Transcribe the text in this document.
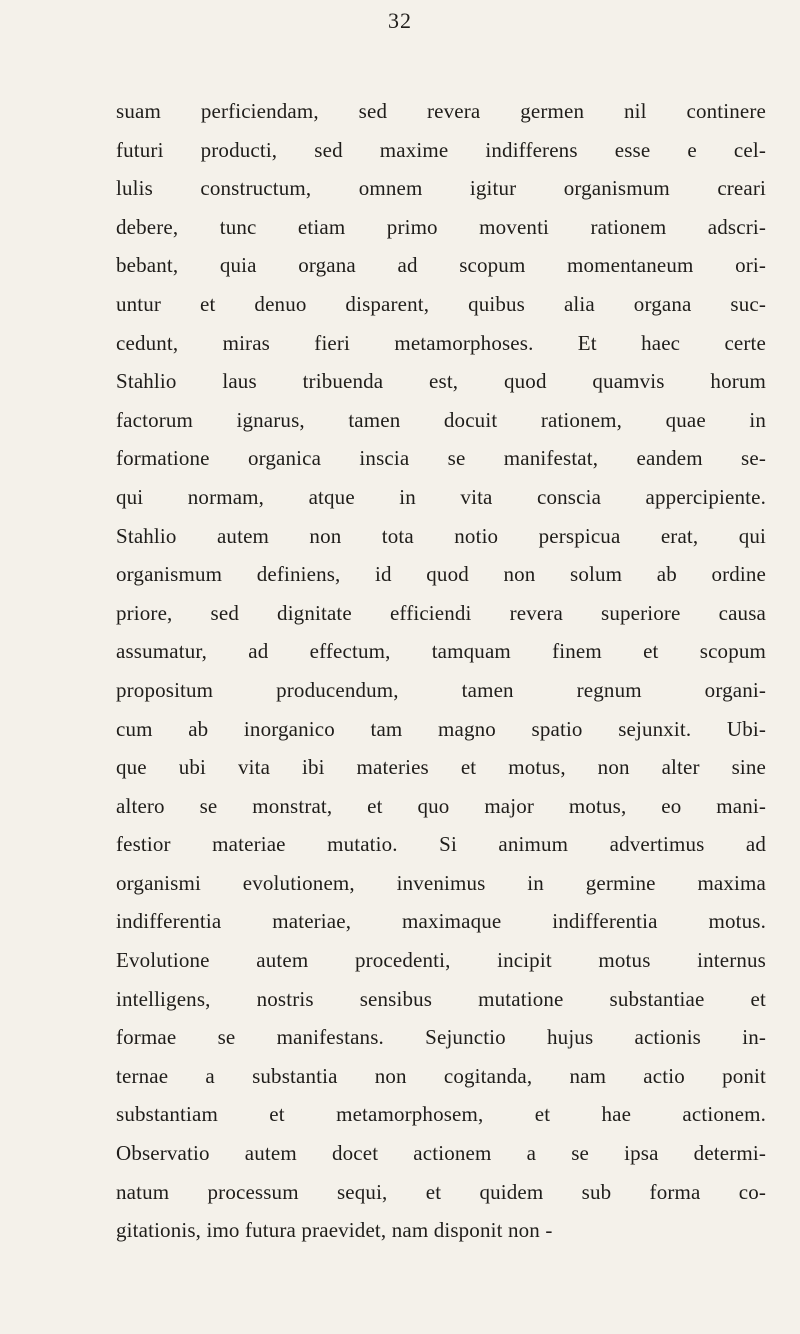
32
suam perficiendam, sed revera germen nil continere
futuri producti, sed maxime indifferens esse e cel-
lulis constructum, omnem igitur organismum creari
debere, tunc etiam primo moventi rationem adscri-
bebant, quia organa ad scopum momentaneum ori-
untur et denuo disparent, quibus alia organa suc-
cedunt, miras fieri metamorphoses. Et haec certe
Stahlio laus tribuenda est, quod quamvis horum
factorum ignarus, tamen docuit rationem, quae in
formatione organica inscia se manifestat, eandem se-
qui normam, atque in vita conscia appercipiente.
Stahlio autem non tota notio perspicua erat, qui
organismum definiens, id quod non solum ab ordine
priore, sed dignitate efficiendi revera superiore causa
assumatur, ad effectum, tamquam finem et scopum
propositum producendum, tamen regnum organi-
cum ab inorganico tam magno spatio sejunxit. Ubi-
que ubi vita ibi materies et motus, non alter sine
altero se monstrat, et quo major motus, eo mani-
festior materiae mutatio. Si animum advertimus ad
organismi evolutionem, invenimus in germine maxima
indifferentia materiae, maximaque indifferentia motus.
Evolutione autem procedenti, incipit motus internus
intelligens, nostris sensibus mutatione substantiae et
formae se manifestans. Sejunctio hujus actionis in-
ternae a substantia non cogitanda, nam actio ponit
substantiam et metamorphosem, et hae actionem.
Observatio autem docet actionem a se ipsa determi-
natum processum sequi, et quidem sub forma co-
gitationis, imo futura praevidet, nam disponit non -
